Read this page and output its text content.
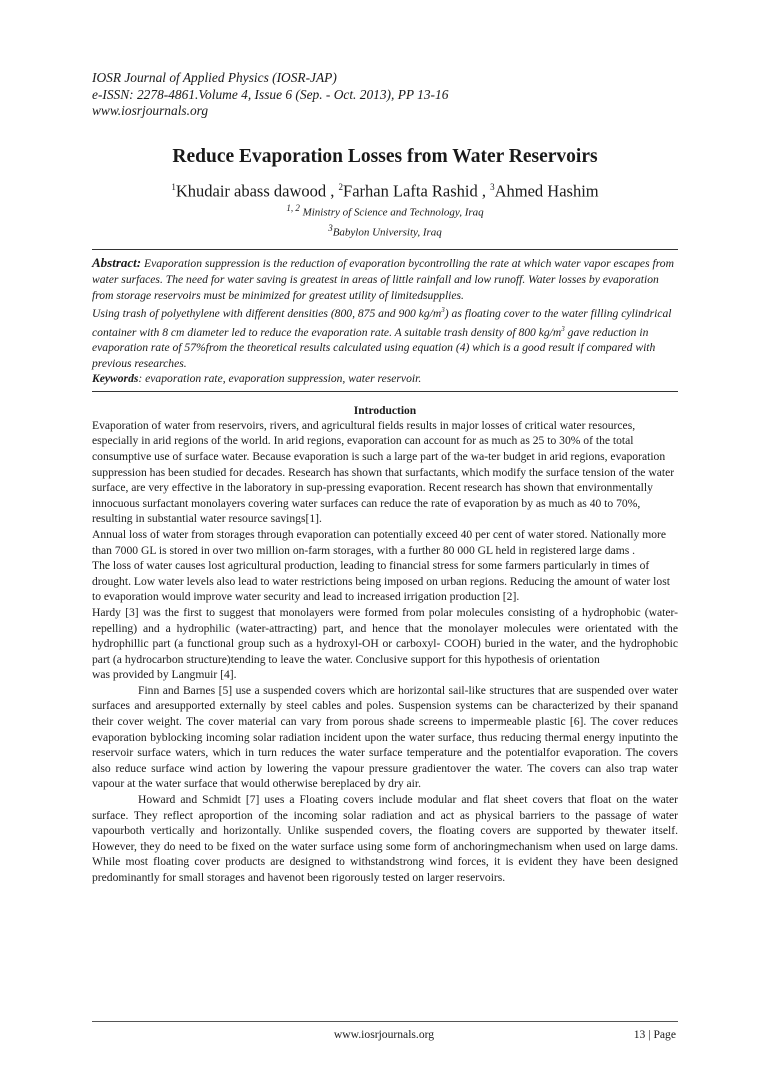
IOSR Journal of Applied Physics (IOSR-JAP)
e-ISSN: 2278-4861.Volume 4, Issue 6 (Sep. - Oct. 2013), PP 13-16
www.iosrjournals.org
Reduce Evaporation Losses from Water Reservoirs
$^1$Khudair abass dawood , $^2$Farhan Lafta Rashid , $^3$Ahmed Hashim
$^{1, 2}$ Ministry of Science and Technology, Iraq
$^3$Babylon University, Iraq
Abstract: Evaporation suppression is the reduction of evaporation bycontrolling the rate at which water vapor escapes from water surfaces. The need for water saving is greatest in areas of little rainfall and low runoff. Water losses by evaporation from storage reservoirs must be minimized for greatest utility of limitedsupplies.
Using trash of polyethylene with different densities (800, 875 and 900 $kg/m^3$) as floating cover to the water filling cylindrical container with 8 cm diameter led to reduce the evaporation rate. A suitable trash density of 800 $kg/m^3$ gave reduction in evaporation rate of 57%from the theoretical results calculated using equation (4) which is a good result if compared with previous researches.
Keywords: evaporation rate, evaporation suppression, water reservoir.
Introduction

Evaporation of water from reservoirs, rivers, and agricultural fields results in major losses of critical water resources, especially in arid regions of the world. In arid regions, evaporation can account for as much as 25 to 30% of the total consumptive use of surface water. Because evaporation is such a large part of the wa-ter budget in arid regions, evaporation suppression has been studied for decades. Research has shown that surfactants, which modify the surface tension of the water surface, are very effective in the laboratory in sup-pressing evaporation. Recent research has shown that environmentally innocuous surfactant monolayers covering water surfaces can reduce the rate of evaporation by as much as 40 to 70%, resulting in substantial water resource savings[1].

Annual loss of water from storages through evaporation can potentially exceed 40 per cent of water stored. Nationally more than 7000 GL is stored in over two million on-farm storages, with a further 80 000 GL held in registered large dams .

The loss of water causes lost agricultural production, leading to financial stress for some farmers particularly in times of drought. Low water levels also lead to water restrictions being imposed on urban regions. Reducing the amount of water lost to evaporation would improve water security and lead to increased irrigation production [2].

Hardy [3] was the first to suggest that monolayers were formed from polar molecules consisting of a hydrophobic (water-repelling) and a hydrophilic (water-attracting) part, and hence that the monolayer molecules were orientated with the hydrophillic part (a functional group such as a hydroxyl-OH or carboxyl- COOH) buried in the water, and the hydrophobic part (a hydrocarbon structure)tending to leave the water. Conclusive support for this hypothesis of orientation

was provided by Langmuir [4].

Finn and Barnes [5] use a suspended covers which are horizontal sail-like structures that are suspended over water surfaces and aresupported externally by steel cables and poles. Suspension systems can be characterized by their spanand their cover weight. The cover material can vary from porous shade screens to impermeable plastic [6]. The cover reduces evaporation byblocking incoming solar radiation incident upon the water surface, thus reducing thermal energy inputinto the reservoir surface waters, which in turn reduces the water surface temperature and the potentialfor evaporation. The covers also reduce surface wind action by lowering the vapour pressure gradientover the water. The covers can also trap water vapour at the water surface that would otherwise bereplaced by dry air.

Howard and Schmidt [7] uses a Floating covers include modular and flat sheet covers that float on the water surface. They reflect aproportion of the incoming solar radiation and act as physical barriers to the passage of water vapourboth vertically and horizontally. Unlike suspended covers, the floating covers are supported by thewater itself. However, they do need to be fixed on the water surface using some form of anchoringmechanism when used on large dams. While most floating cover products are designed to withstandstrong wind forces, it is evident they have been designed predominantly for small storages and havenot been rigorously tested on larger reservoirs.

www.iosrjournals.org	13 | Page
